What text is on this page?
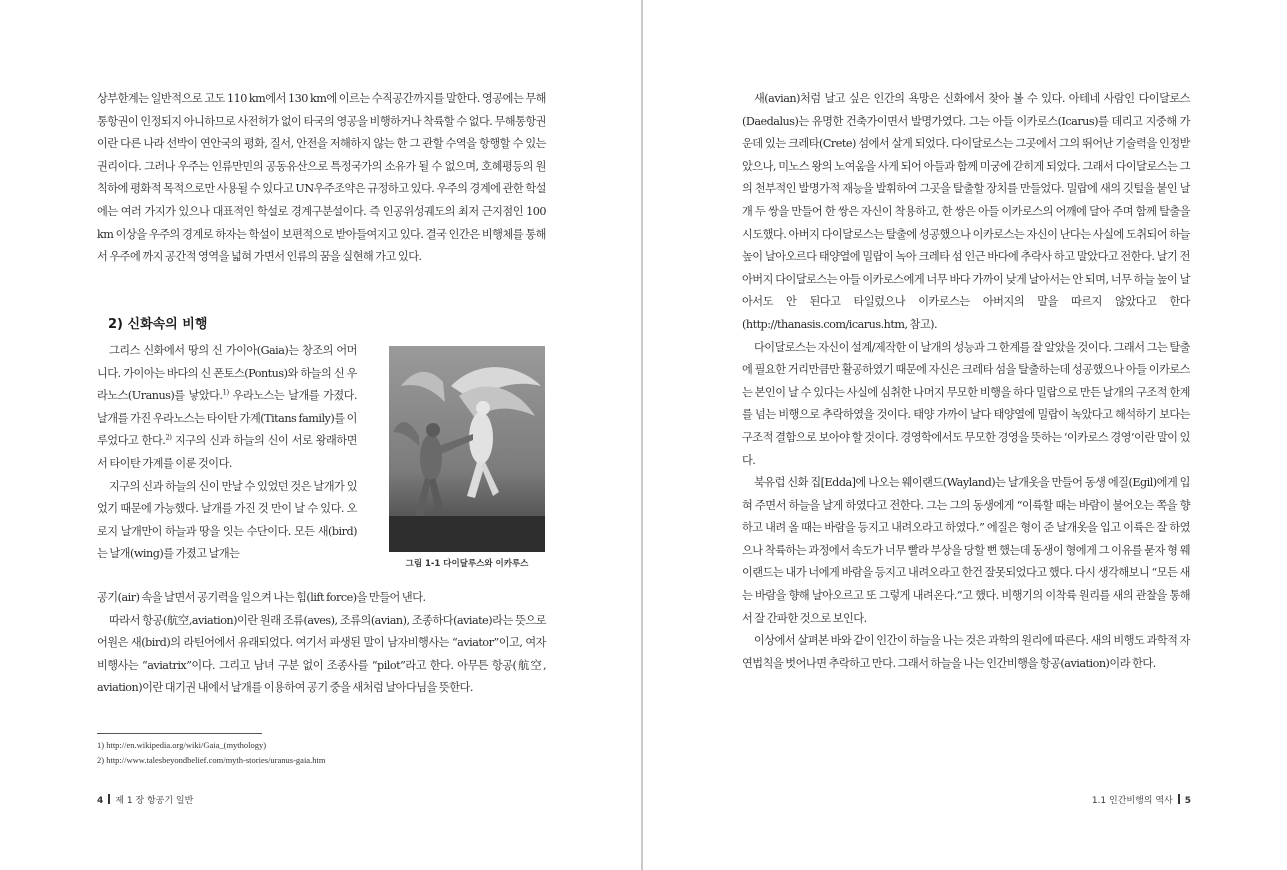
상부한계는 일반적으로 고도 110 km에서 130 km에 이르는 수직공간까지를 말한다. 영공에는 무해통항권이 인정되지 아니하므로 사전허가 없이 타국의 영공을 비행하거나 착륙할 수 없다. 무해통항권이란 다른 나라 선박이 연안국의 평화, 질서, 안전을 저해하지 않는 한 그 관할 수역을 항행할 수 있는 권리이다. 그러나 우주는 인류만민의 공동유산으로 특정국가의 소유가 될 수 없으며, 호혜평등의 원칙하에 평화적 목적으로만 사용될 수 있다고 UN우주조약은 규정하고 있다. 우주의 경계에 관한 학설에는 여러 가지가 있으나 대표적인 학설로 경계구분설이다. 즉 인공위성궤도의 최저 근지점인 100 km 이상을 우주의 경계로 하자는 학설이 보편적으로 받아들여지고 있다. 결국 인간은 비행체를 통해서 우주에 까지 공간적 영역을 넓혀 가면서 인류의 꿈을 실현해 가고 있다.

2) 신화속의 비행

그리스 신화에서 땅의 신 가이아(Gaia)는 창조의 어머니다. 가이아는 바다의 신 폰토스(Pontus)와 하늘의 신 우라노스(Uranus)를 낳았다.$^{1)}$ 우라노스는 날개를 가졌다. 날개를 가진 우라노스는 타이탄 가계(Titans family)를 이루었다고 한다.$^{2)}$ 지구의 신과 하늘의 신이 서로 왕래하면서 타이탄 가계를 이룬 것이다.

지구의 신과 하늘의 신이 만날 수 있었던 것은 날개가 있었기 때문에 가능했다. 날개를 가진 것 만이 날 수 있다. 오로지 날개만이 하늘과 땅을 잇는 수단이다. 모든 새(bird)는 날개(wing)를 가졌고 날개는

그림 1-1 다이달루스와 이카루스

공기(air) 속을 날면서 공기력을 일으켜 나는 힘(lift force)을 만들어 낸다.

따라서 항공(航空,aviation)이란 원래 조류(aves), 조류의(avian), 조종하다(aviate)라는 뜻으로 어원은 새(bird)의 라틴어에서 유래되었다. 여기서 파생된 말이 남자비행사는 “aviator”이고, 여자비행사는 “aviatrix”이다. 그리고 남녀 구분 없이 조종사를 “pilot”라고 한다. 아무튼 항공(航空, aviation)이란 대기권 내에서 날개를 이용하여 공기 중을 새처럼 날아다님을 뜻한다.

1) http://en.wikipedia.org/wiki/Gaia_(mythology)
2) http://www.talesbeyondbelief.com/myth-stories/uranus-gaia.htm
4 제 1 장 항공기 일반

새(avian)처럼 날고 싶은 인간의 욕망은 신화에서 찾아 볼 수 있다. 아테네 사람인 다이달로스(Daedalus)는 유명한 건축가이면서 발명가였다. 그는 아들 이카로스(Icarus)를 데리고 지중해 가운데 있는 크레타(Crete) 섬에서 살게 되었다. 다이달로스는 그곳에서 그의 뛰어난 기술력을 인정받았으나, 미노스 왕의 노여움을 사게 되어 아들과 함께 미궁에 갇히게 되었다. 그래서 다이달로스는 그의 천부적인 발명가적 재능을 발휘하여 그곳을 탈출할 장치를 만들었다. 밀랍에 새의 깃털을 붙인 날개 두 쌍을 만들어 한 쌍은 자신이 착용하고, 한 쌍은 아들 이카로스의 어깨에 달아 주며 함께 탈출을 시도했다. 아버지 다이달로스는 탈출에 성공했으나 이카로스는 자신이 난다는 사실에 도취되어 하늘 높이 날아오르다 태양열에 밀랍이 녹아 크레타 섬 인근 바다에 추락사 하고 말았다고 전한다. 날기 전 아버지 다이달로스는 아들 이카로스에게 너무 바다 가까이 낮게 날아서는 안 되며, 너무 하늘 높이 날아서도 안 된다고 타일렀으나 이카로스는 아버지의 말을 따르지 않았다고 한다(http://thanasis.com/icarus.htm, 참고).

다이달로스는 자신이 설계/제작한 이 날개의 성능과 그 한계를 잘 알았을 것이다. 그래서 그는 탈출에 필요한 거리만큼만 활공하였기 때문에 자신은 크레타 섬을 탈출하는데 성공했으나 아들 이카로스는 본인이 날 수 있다는 사실에 심취한 나머지 무모한 비행을 하다 밀랍으로 만든 날개의 구조적 한계를 넘는 비행으로 추락하였을 것이다. 태양 가까이 날다 태양열에 밀랍이 녹았다고 해석하기 보다는 구조적 결함으로 보아야 할 것이다. 경영학에서도 무모한 경영을 뜻하는 ‘이카로스 경영’이란 말이 있다.

북유럽 신화 집[Edda]에 나오는 웨이랜드(Wayland)는 날개옷을 만들어 동생 에질(Egil)에게 입혀 주면서 하늘을 날게 하였다고 전한다. 그는 그의 동생에게 “이륙할 때는 바람이 불어오는 쪽을 향하고 내려 올 때는 바람을 등지고 내려오라고 하였다.” 에질은 형이 준 날개옷을 입고 이륙은 잘 하였으나 착륙하는 과정에서 속도가 너무 빨라 부상을 당할 뻔 했는데 동생이 형에게 그 이유를 묻자 형 웨이랜드는 내가 너에게 바람을 등지고 내려오라고 한건 잘못되었다고 했다. 다시 생각해보니 “모든 새는 바람을 향해 날아오르고 또 그렇게 내려온다.”고 했다. 비행기의 이착륙 원리를 새의 관찰을 통해서 잘 간파한 것으로 보인다.

이상에서 살펴본 바와 같이 인간이 하늘을 나는 것은 과학의 원리에 따른다. 새의 비행도 과학적 자연법칙을 벗어나면 추락하고 만다. 그래서 하늘을 나는 인간비행을 항공(aviation)이라 한다.

1.1 인간비행의 역사 5
